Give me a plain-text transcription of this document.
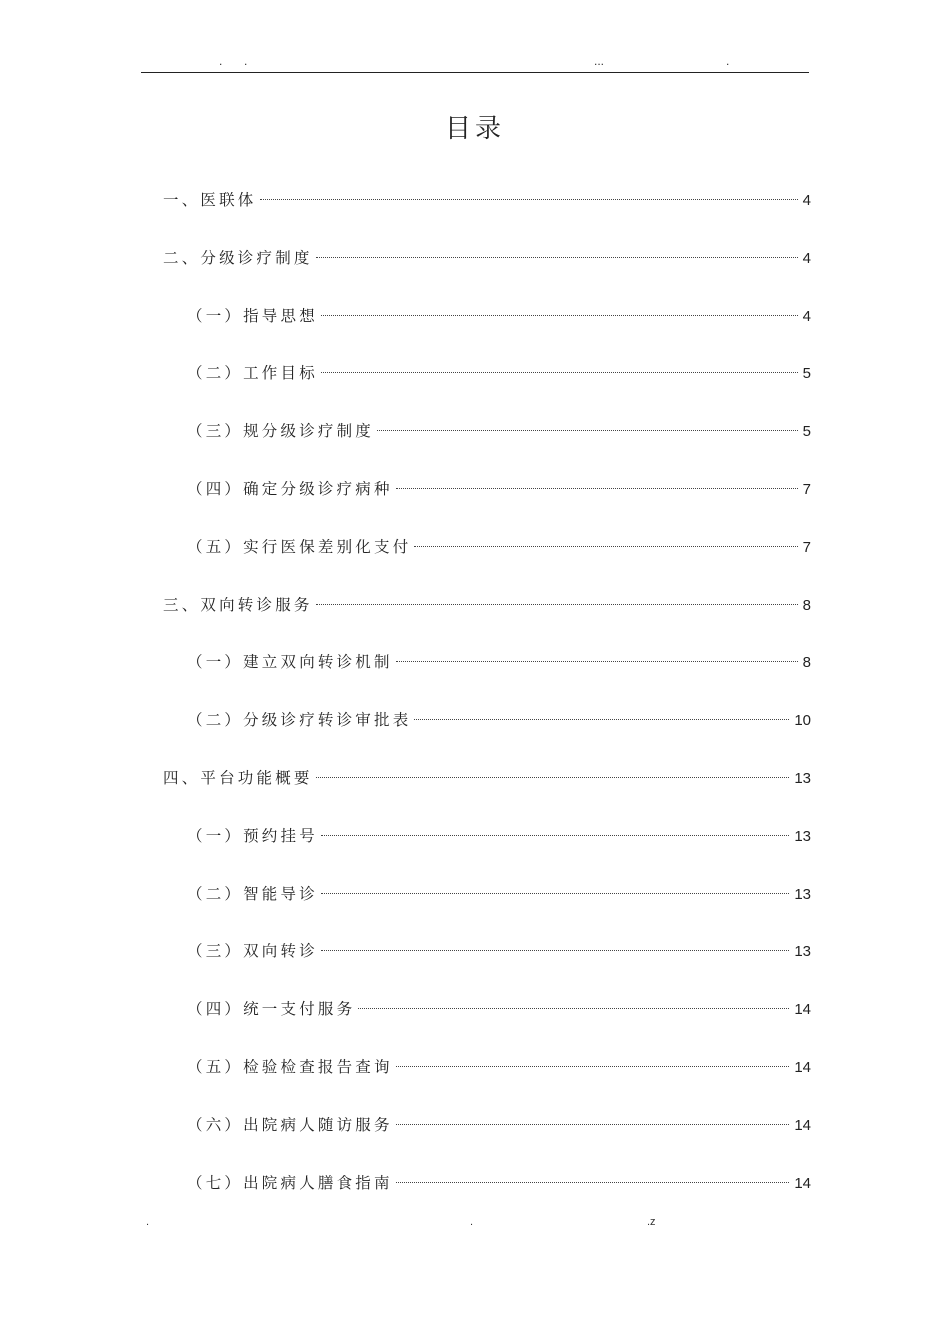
. .	...	.
目录
一、医联体	4
二、分级诊疗制度	4
（一）指导思想	4
（二）工作目标	5
（三）规分级诊疗制度	5
（四）确定分级诊疗病种	7
（五）实行医保差别化支付	7
三、双向转诊服务	8
（一）建立双向转诊机制	8
（二）分级诊疗转诊审批表	10
四、平台功能概要	13
（一）预约挂号	13
（二）智能导诊	13
（三）双向转诊	13
（四）统一支付服务	14
（五）检验检查报告查询	14
（六）出院病人随访服务	14
（七）出院病人膳食指南	14
.	.	.z
